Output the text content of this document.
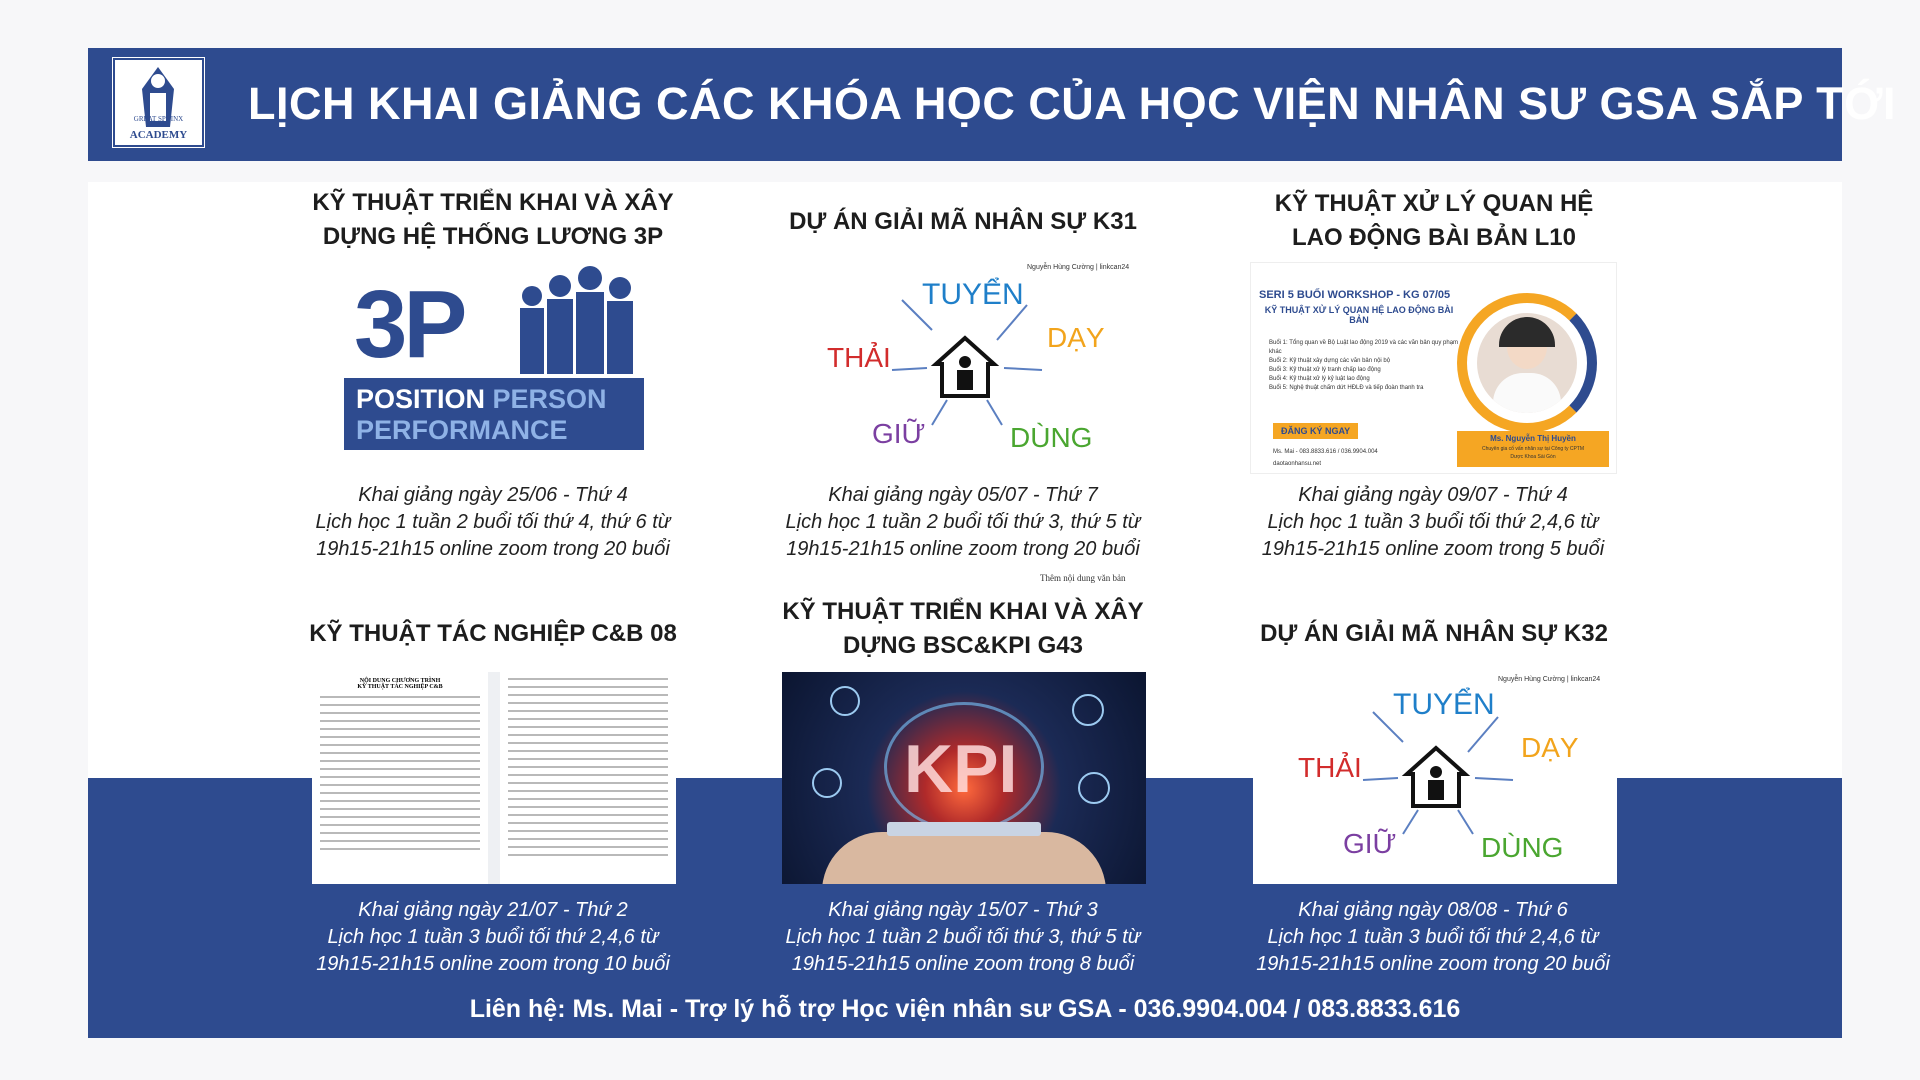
GREAT SPHINX
ACADEMY
LỊCH KHAI GIẢNG CÁC KHÓA HỌC CỦA HỌC VIỆN NHÂN SƯ GSA SẮP TỚI
KỸ THUẬT TRIỂN KHAI VÀ XÂY
DỰNG HỆ THỐNG LƯƠNG 3P
3P
POSITION PERSON
PERFORMANCE
Khai giảng ngày 25/06 - Thứ 4
Lịch học 1 tuần 2 buổi tối thứ 4, thứ 6 từ
19h15-21h15 online zoom trong 20 buổi
DỰ ÁN GIẢI MÃ NHÂN SỰ K31
Nguyễn Hùng Cường | linkcan24
TUYỂN
DẠY
THẢI
GIỮ	DÙNG
Khai giảng ngày 05/07 - Thứ 7
Lịch học 1 tuần 2 buổi tối thứ 3, thứ 5 từ
19h15-21h15 online zoom trong 20 buổi
KỸ THUẬT XỬ LÝ QUAN HỆ
LAO ĐỘNG BÀI BẢN L10
SERI 5 BUỔI WORKSHOP - KG 07/05
KỸ THUẬT XỬ LÝ QUAN HỆ LAO ĐỘNG BÀI BẢN
Buổi 1: Tổng quan về Bộ Luật lao động 2019 và các văn bản quy phạm khác
Buổi 2: Kỹ thuật xây dựng các văn bản nội bộ
Buổi 3: Kỹ thuật xử lý tranh chấp lao động
Buổi 4: Kỹ thuật xử lý kỷ luật lao động
Buổi 5: Nghệ thuật chấm dứt HĐLĐ và tiếp đoàn thanh tra
ĐĂNG KÝ NGAY
Ms. Mai - 083.8833.616 / 036.9904.004
daotaonhansu.net
Ms. Nguyễn Thị Huyền
Chuyên gia cố vấn nhân sự tại Công ty CPTM
Dược Khoa Sài Gòn
Khai giảng ngày 09/07 - Thứ 4
Lịch học 1 tuần 3 buổi tối thứ 2,4,6 từ
19h15-21h15 online zoom trong 5 buổi
Thêm nội dung văn bản
KỸ THUẬT TÁC NGHIỆP C&B 08
NỘI DUNG CHƯƠNG TRÌNH
KỸ THUẬT TÁC NGHIỆP C&B
Khai giảng ngày 21/07 - Thứ 2
Lịch học 1 tuần 3 buổi tối thứ 2,4,6 từ
19h15-21h15 online zoom trong 10 buổi
KỸ THUẬT TRIỂN KHAI VÀ XÂY
DỰNG BSC&KPI G43
KPI
Khai giảng ngày 15/07 - Thứ 3
Lịch học 1 tuần 2 buổi tối thứ 3, thứ 5 từ
19h15-21h15 online zoom trong 8 buổi
DỰ ÁN GIẢI MÃ NHÂN SỰ K32
Nguyễn Hùng Cường | linkcan24
TUYỂN
DẠY
THẢI
GIỮ	DÙNG
Khai giảng ngày 08/08 - Thứ 6
Lịch học 1 tuần 3 buổi tối thứ 2,4,6 từ
19h15-21h15 online zoom trong 20 buổi
Liên hệ: Ms. Mai - Trợ lý hỗ trợ Học viện nhân sư GSA - 036.9904.004 / 083.8833.616
